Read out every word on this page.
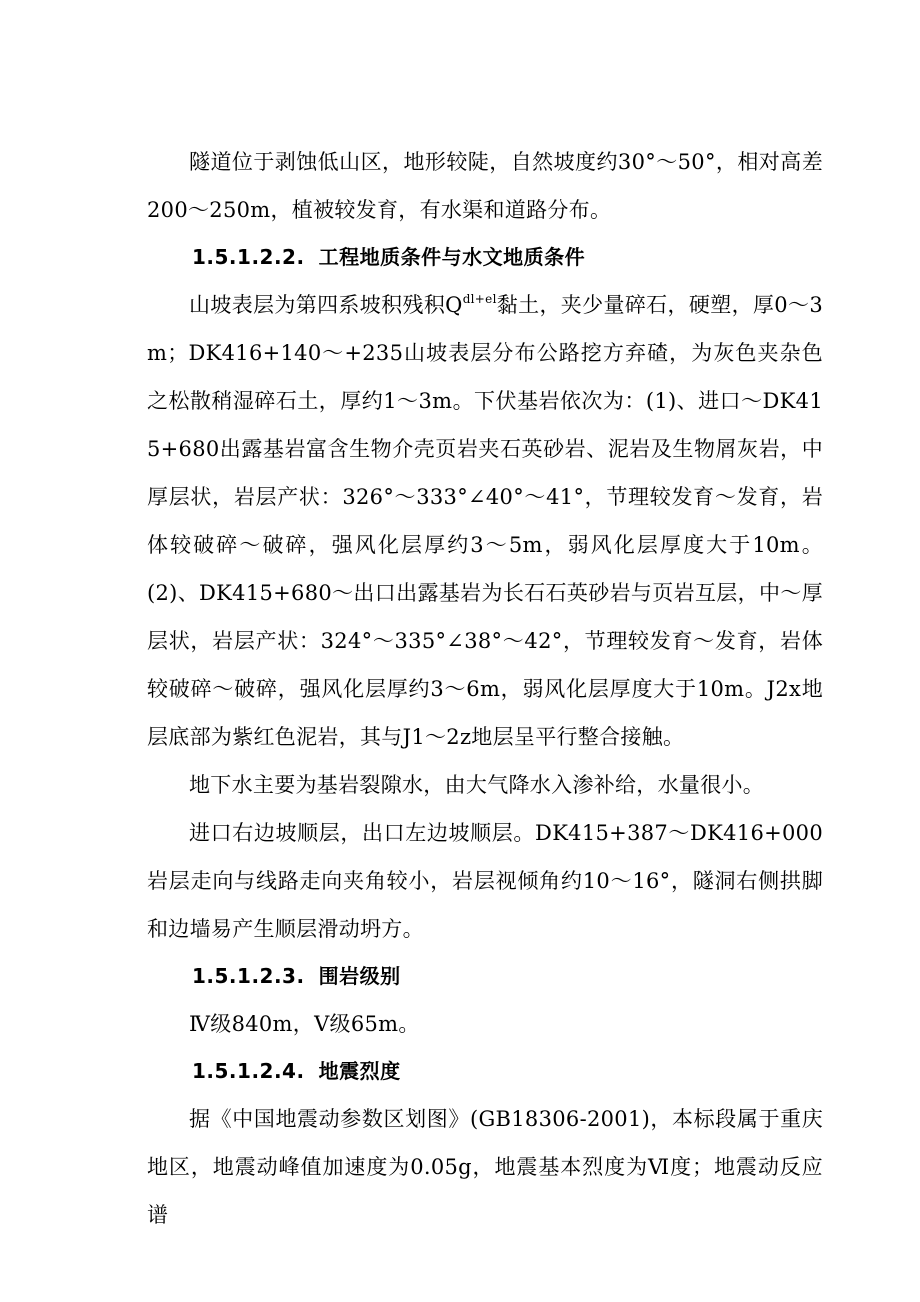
隧道位于剥蚀低山区，地形较陡，自然坡度约30°～50°，相对高差200～250m，植被较发育，有水渠和道路分布。

1.5.1.2.2. 工程地质条件与水文地质条件

山坡表层为第四系坡积残积$Q^{dl+el}$黏土，夹少量碎石，硬塑，厚0～3m；DK416+140～+235山坡表层分布公路挖方弃碴，为灰色夹杂色之松散稍湿碎石土，厚约1～3m。下伏基岩依次为：(1)、进口～DK415+680出露基岩富含生物介壳页岩夹石英砂岩、泥岩及生物屑灰岩，中厚层状，岩层产状：326°～333°∠40°～41°，节理较发育～发育，岩体较破碎～破碎，强风化层厚约3～5m，弱风化层厚度大于10m。(2)、DK415+680～出口出露基岩为长石石英砂岩与页岩互层，中～厚层状，岩层产状：324°～335°∠38°～42°，节理较发育～发育，岩体较破碎～破碎，强风化层厚约3～6m，弱风化层厚度大于10m。J2x地层底部为紫红色泥岩，其与J1～2z地层呈平行整合接触。

地下水主要为基岩裂隙水，由大气降水入渗补给，水量很小。

进口右边坡顺层，出口左边坡顺层。DK415+387～DK416+000岩层走向与线路走向夹角较小，岩层视倾角约10～16°，隧洞右侧拱脚和边墙易产生顺层滑动坍方。

1.5.1.2.3. 围岩级别

Ⅳ级840m，Ⅴ级65m。

1.5.1.2.4. 地震烈度

据《中国地震动参数区划图》(GB18306-2001)，本标段属于重庆地区，地震动峰值加速度为0.05g，地震基本烈度为Ⅵ度；地震动反应谱
